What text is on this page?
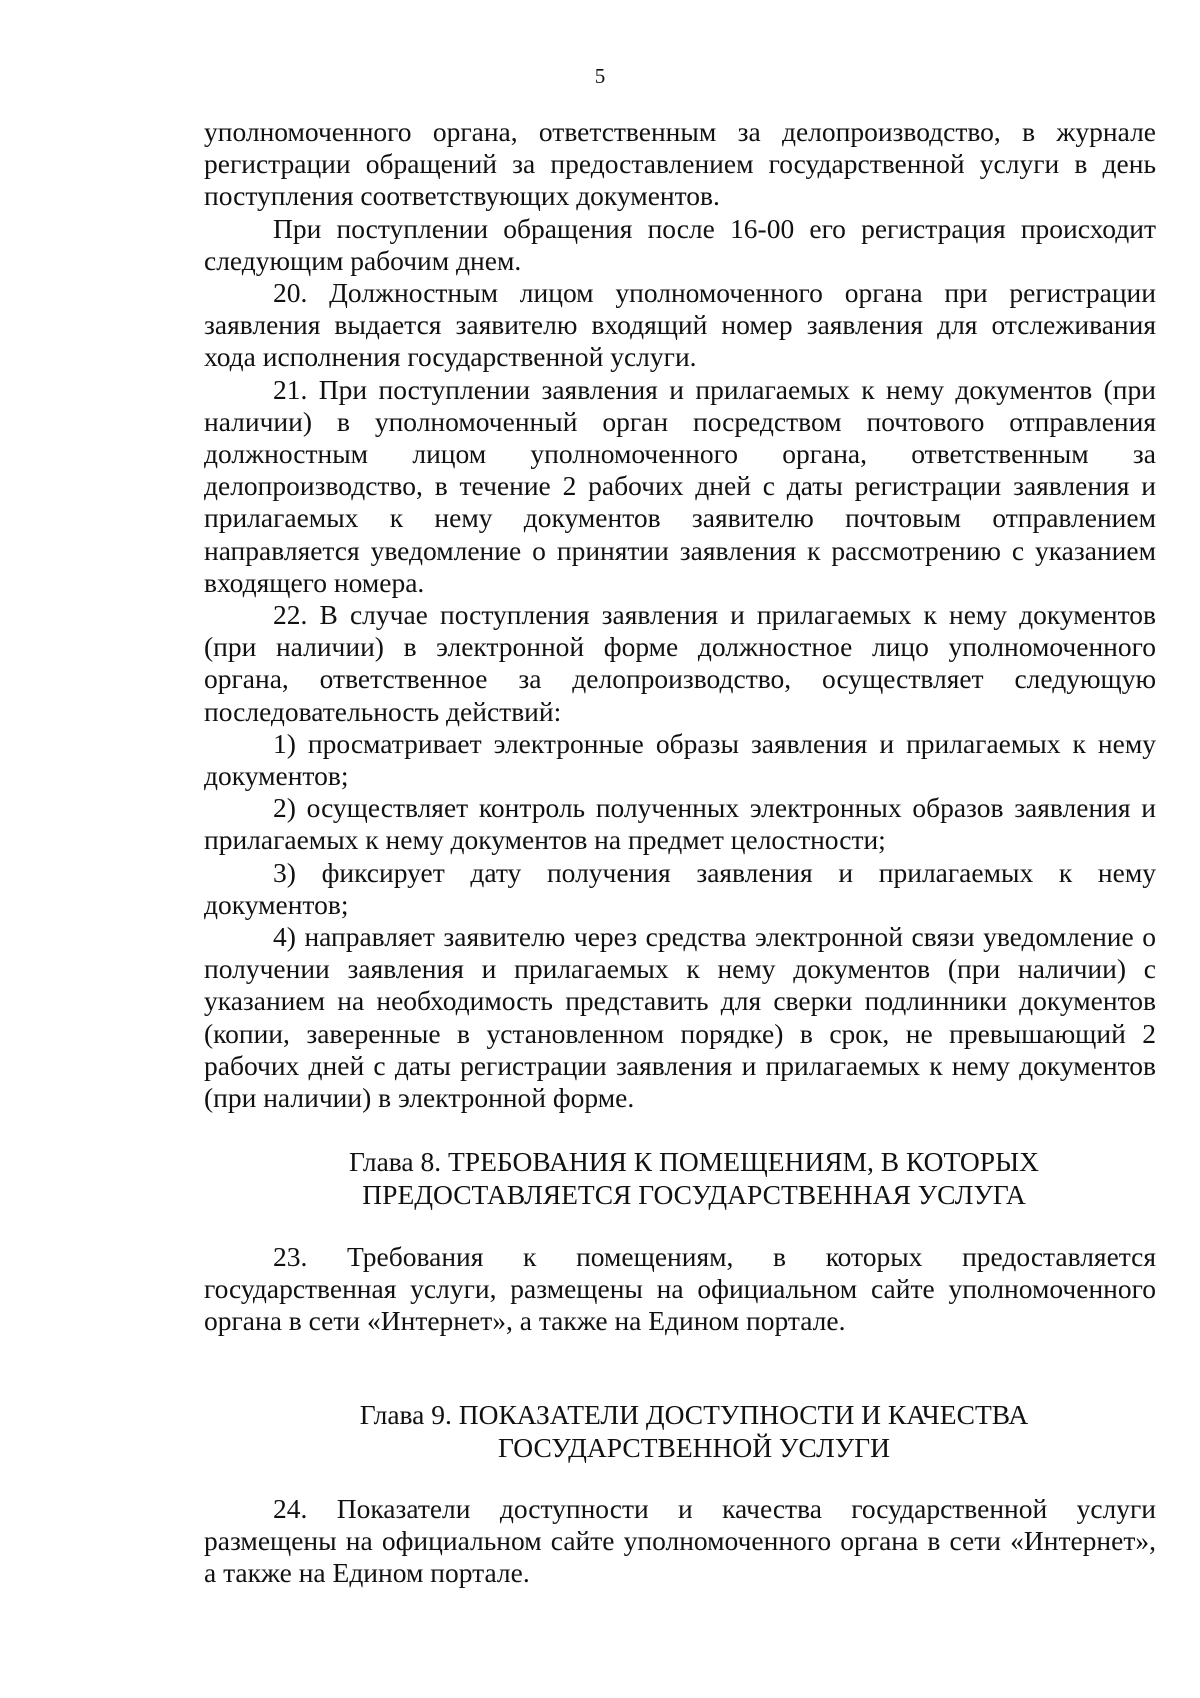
5

уполномоченного органа, ответственным за делопроизводство, в журнале регистрации обращений за предоставлением государственной услуги в день поступления соответствующих документов.

При поступлении обращения после 16-00 его регистрация происходит следующим рабочим днем.

20. Должностным лицом уполномоченного органа при регистрации заявления выдается заявителю входящий номер заявления для отслеживания хода исполнения государственной услуги.

21. При поступлении заявления и прилагаемых к нему документов (при наличии) в уполномоченный орган посредством почтового отправления должностным лицом уполномоченного органа, ответственным за делопроизводство, в течение 2 рабочих дней с даты регистрации заявления и прилагаемых к нему документов заявителю почтовым отправлением направляется уведомление о принятии заявления к рассмотрению с указанием входящего номера.

22. В случае поступления заявления и прилагаемых к нему документов (при наличии) в электронной форме должностное лицо уполномоченного органа, ответственное за делопроизводство, осуществляет следующую последовательность действий:

1) просматривает электронные образы заявления и прилагаемых к нему документов;

2) осуществляет контроль полученных электронных образов заявления и прилагаемых к нему документов на предмет целостности;

3) фиксирует дату получения заявления и прилагаемых к нему документов;

4) направляет заявителю через средства электронной связи уведомление о получении заявления и прилагаемых к нему документов (при наличии) с указанием на необходимость представить для сверки подлинники документов (копии, заверенные в установленном порядке) в срок, не превышающий 2 рабочих дней с даты регистрации заявления и прилагаемых к нему документов (при наличии) в электронной форме.

Глава 8. ТРЕБОВАНИЯ К ПОМЕЩЕНИЯМ, В КОТОРЫХ
ПРЕДОСТАВЛЯЕТСЯ ГОСУДАРСТВЕННАЯ УСЛУГА

23. Требования к помещениям, в которых предоставляется государственная услуги, размещены на официальном сайте уполномоченного органа в сети «Интернет», а также на Едином портале.

Глава 9. ПОКАЗАТЕЛИ ДОСТУПНОСТИ И КАЧЕСТВА
ГОСУДАРСТВЕННОЙ УСЛУГИ

24. Показатели доступности и качества государственной услуги размещены на официальном сайте уполномоченного органа в сети «Интернет», а также на Едином портале.
